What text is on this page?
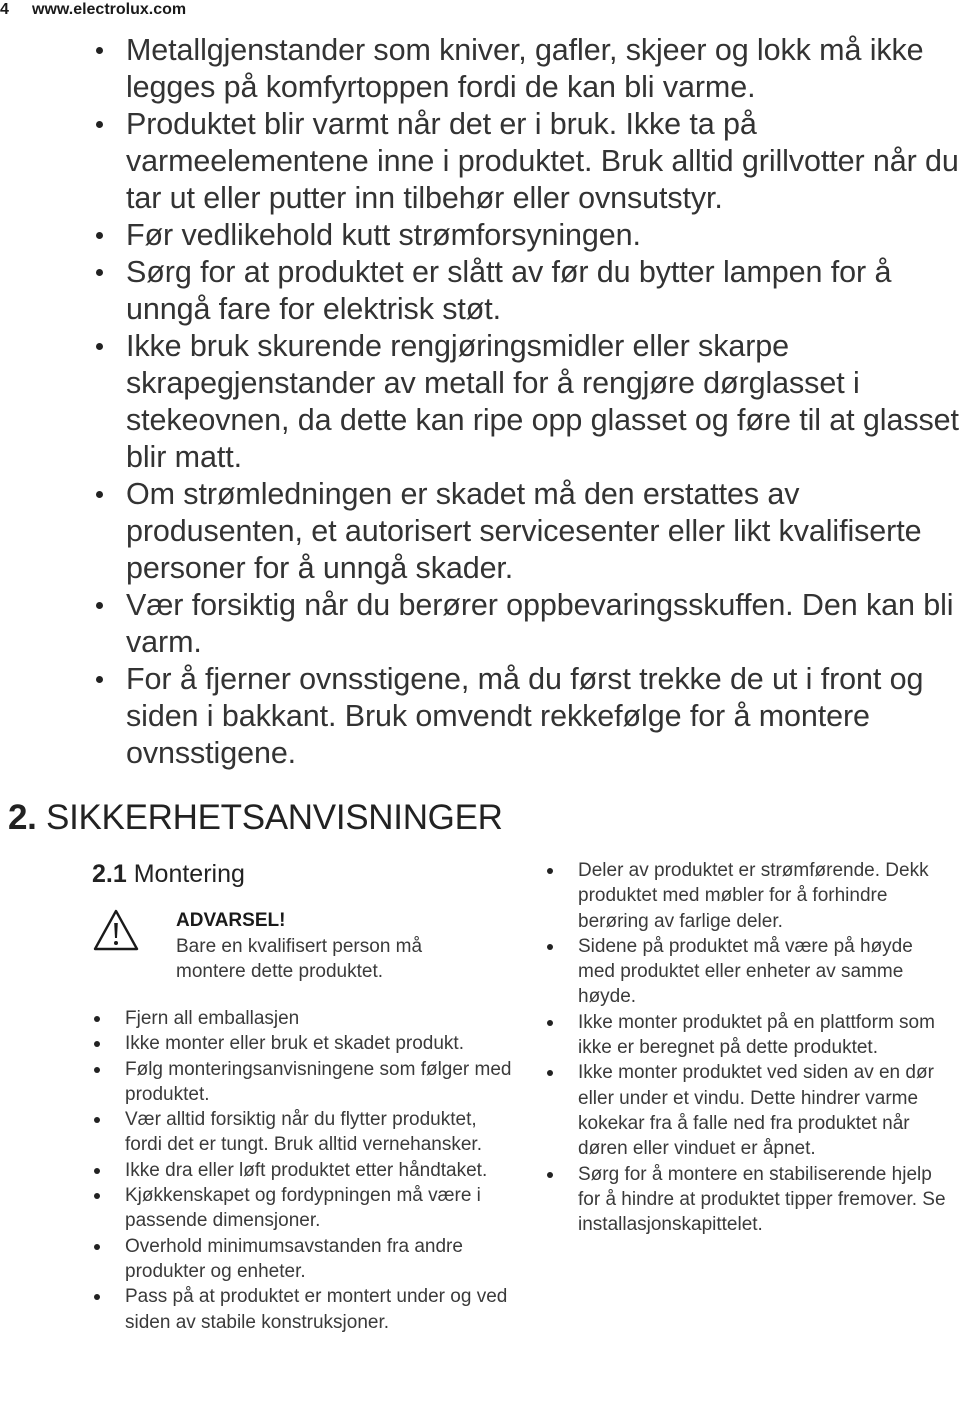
4 www.electrolux.com
Metallgjenstander som kniver, gafler, skjeer og lokk må ikke legges på komfyrtoppen fordi de kan bli varme.
Produktet blir varmt når det er i bruk. Ikke ta på varmeelementene inne i produktet. Bruk alltid grillvotter når du tar ut eller putter inn tilbehør eller ovnsutstyr.
Før vedlikehold kutt strømforsyningen.
Sørg for at produktet er slått av før du bytter lampen for å unngå fare for elektrisk støt.
Ikke bruk skurende rengjøringsmidler eller skarpe skrapegjenstander av metall for å rengjøre dørglasset i stekeovnen, da dette kan ripe opp glasset og føre til at glasset blir matt.
Om strømledningen er skadet må den erstattes av produsenten, et autorisert servicesenter eller likt kvalifiserte personer for å unngå skader.
Vær forsiktig når du berører oppbevaringsskuffen. Den kan bli varm.
For å fjerner ovnsstigene, må du først trekke de ut i front og siden i bakkant. Bruk omvendt rekkefølge for å montere ovnsstigene.
2. SIKKERHETSANVISNINGER
2.1 Montering
ADVARSEL!
Bare en kvalifisert person må montere dette produktet.
Fjern all emballasjen
Ikke monter eller bruk et skadet produkt.
Følg monteringsanvisningene som følger med produktet.
Vær alltid forsiktig når du flytter produktet, fordi det er tungt. Bruk alltid vernehansker.
Ikke dra eller løft produktet etter håndtaket.
Kjøkkenskapet og fordypningen må være i passende dimensjoner.
Overhold minimumsavstanden fra andre produkter og enheter.
Pass på at produktet er montert under og ved siden av stabile konstruksjoner.
Deler av produktet er strømførende. Dekk produktet med møbler for å forhindre berøring av farlige deler.
Sidene på produktet må være på høyde med produktet eller enheter av samme høyde.
Ikke monter produktet på en plattform som ikke er beregnet på dette produktet.
Ikke monter produktet ved siden av en dør eller under et vindu. Dette hindrer varme kokekar fra å falle ned fra produktet når døren eller vinduet er åpnet.
Sørg for å montere en stabiliserende hjelp for å hindre at produktet tipper fremover. Se installasjonskapittelet.
